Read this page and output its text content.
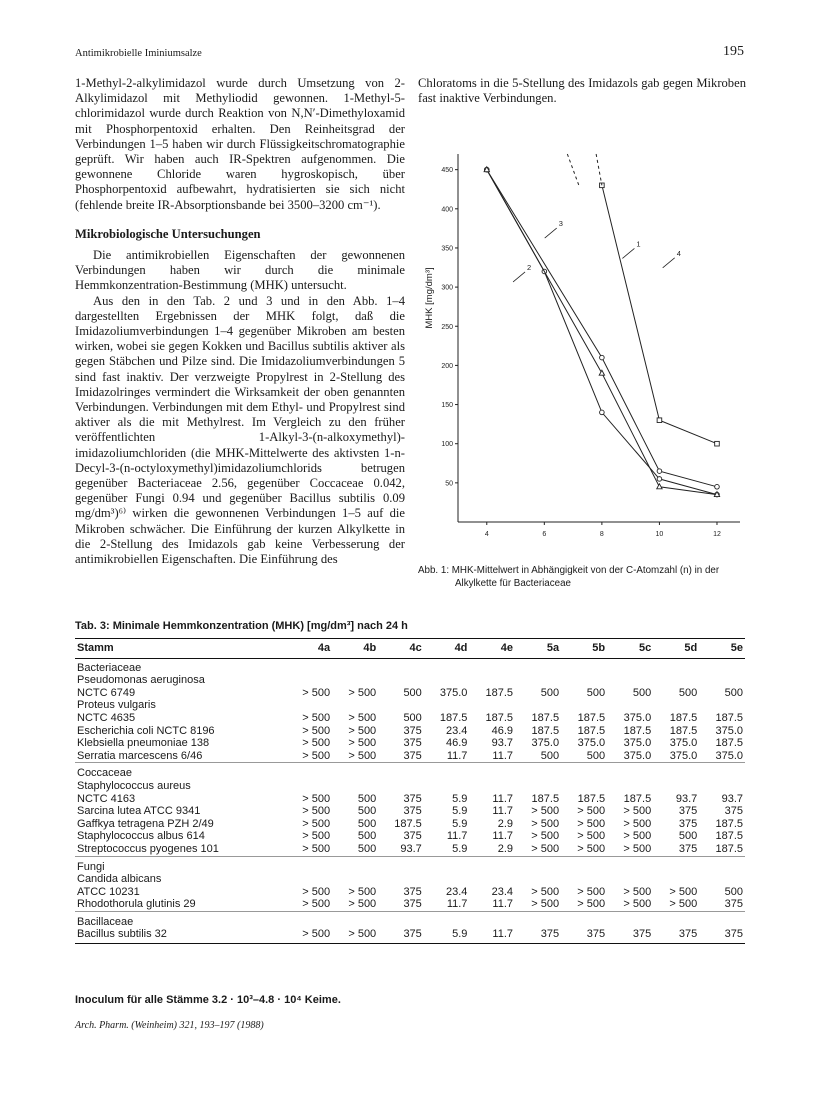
Antimikrobielle Iminiumsalze	195

1-Methyl-2-alkylimidazol wurde durch Umsetzung von 2-Alkylimidazol mit Methyliodid gewonnen. 1-Methyl-5-chlorimidazol wurde durch Reaktion von N,N′-Dimethyloxamid mit Phosphorpentoxid erhalten. Den Reinheitsgrad der Verbindungen 1–5 haben wir durch Flüssigkeitschromatographie geprüft. Wir haben auch IR-Spektren aufgenommen. Die gewonnene Chloride waren hygroskopisch, über Phosphorpentoxid aufbewahrt, hydratisierten sie sich nicht (fehlende breite IR-Absorptionsbande bei 3500–3200 cm⁻¹).

Mikrobiologische Untersuchungen

Die antimikrobiellen Eigenschaften der gewonnenen Verbindungen haben wir durch die minimale Hemmkonzentration-Bestimmung (MHK) untersucht.

Aus den in den Tab. 2 und 3 und in den Abb. 1–4 dargestellten Ergebnissen der MHK folgt, daß die Imidazoliumverbindungen 1–4 gegenüber Mikroben am besten wirken, wobei sie gegen Kokken und Bacillus subtilis aktiver als gegen Stäbchen und Pilze sind. Die Imidazoliumverbindungen 5 sind fast inaktiv. Der verzweigte Propylrest in 2-Stellung des Imidazolringes vermindert die Wirksamkeit der oben genannten Verbindungen. Verbindungen mit dem Ethyl- und Propylrest sind aktiver als die mit Methylrest. Im Vergleich zu den früher veröffentlichten 1-Alkyl-3-(n-alkoxymethyl)-imidazoliumchloriden (die MHK-Mittelwerte des aktivsten 1-n-Decyl-3-(n-octyloxymethyl)imidazoliumchlorids betrugen gegenüber Bacteriaceae 2.56, gegenüber Coccaceae 0.042, gegenüber Fungi 0.94 und gegenüber Bacillus subtilis 0.09 mg/dm³)⁶⁾ wirken die gewonnenen Verbindungen 1–5 auf die Mikroben schwächer. Die Einführung der kurzen Alkylkette in die 2-Stellung des Imidazols gab keine Verbesserung der antimikrobiellen Eigenschaften. Die Einführung des

Chloratoms in die 5-Stellung des Imidazols gab gegen Mikroben fast inaktive Verbindungen.

50
100
150
200
250
300
350
400
450
4	6	8	10	12
MHK [mg/dm³]
1
2
3
4
Abb. 1: MHK-Mittelwert in Abhängigkeit von der C-Atomzahl (n) in der
Alkylkette für Bacteriaceae
Tab. 3: Minimale Hemmkonzentration (MHK) [mg/dm³] nach 24 h
Stamm	4a	4b	4c	4d	4e	5a	5b	5c	5d	5e
Bacteriaceae										
Pseudomonas aeruginosa										
NCTC 6749	> 500	> 500	500	375.0	187.5	500	500	500	500	500
Proteus vulgaris										
NCTC 4635	> 500	> 500	500	187.5	187.5	187.5	187.5	375.0	187.5	187.5
Escherichia coli NCTC 8196	> 500	> 500	375	23.4	46.9	187.5	187.5	187.5	187.5	375.0
Klebsiella pneumoniae 138	> 500	> 500	375	46.9	93.7	375.0	375.0	375.0	375.0	187.5
Serratia marcescens 6/46	> 500	> 500	375	11.7	11.7	500	500	375.0	375.0	375.0
Coccaceae										
Staphylococcus aureus										
NCTC 4163	> 500	500	375	5.9	11.7	187.5	187.5	187.5	93.7	93.7
Sarcina lutea ATCC 9341	> 500	500	375	5.9	11.7	> 500	> 500	> 500	375	375
Gaffkya tetragena PZH 2/49	> 500	500	187.5	5.9	2.9	> 500	> 500	> 500	375	187.5
Staphylococcus albus 614	> 500	500	375	11.7	11.7	> 500	> 500	> 500	500	187.5
Streptococcus pyogenes 101	> 500	500	93.7	5.9	2.9	> 500	> 500	> 500	375	187.5
Fungi										
Candida albicans										
ATCC 10231	> 500	> 500	375	23.4	23.4	> 500	> 500	> 500	> 500	500
Rhodothorula glutinis 29	> 500	> 500	375	11.7	11.7	> 500	> 500	> 500	> 500	375
Bacillaceae										
Bacillus subtilis 32	> 500	> 500	375	5.9	11.7	375	375	375	375	375
Inoculum für alle Stämme 3.2 · 10³–4.8 · 10⁴ Keime.
Arch. Pharm. (Weinheim) 321, 193–197 (1988)
